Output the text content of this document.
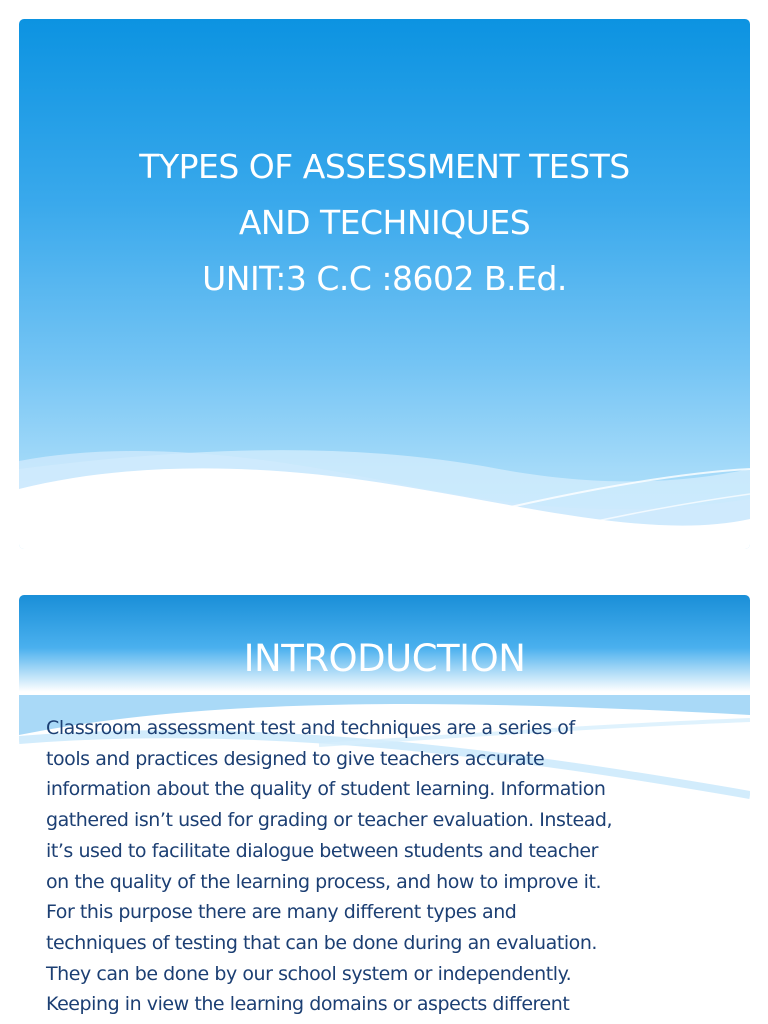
TYPES OF ASSESSMENT TESTS
AND TECHNIQUES
UNIT:3 C.C :8602 B.Ed.
INTRODUCTION
Classroom assessment test and techniques are a series of
tools and practices designed to give teachers accurate
information about the quality of student learning. Information
gathered isn’t used for grading or teacher evaluation. Instead,
it’s used to facilitate dialogue between students and teacher
on the quality of the learning process, and how to improve it.
For this purpose there are many different types and
techniques of testing that can be done during an evaluation.
They can be done by our school system or independently.
Keeping in view the learning domains or aspects different
